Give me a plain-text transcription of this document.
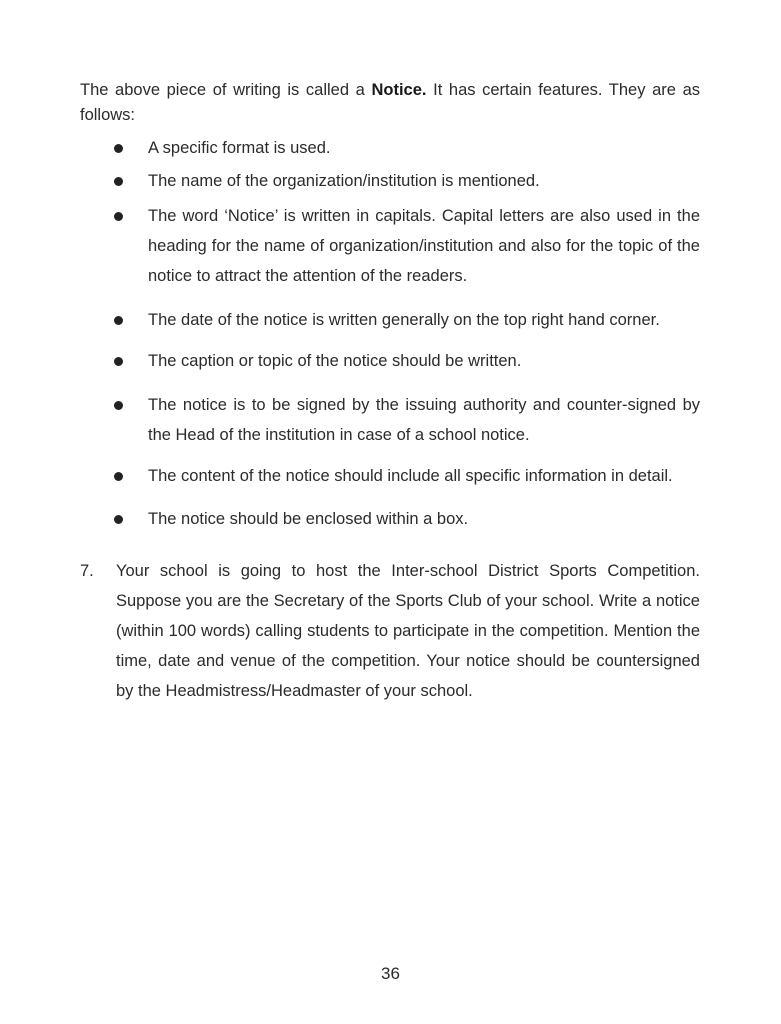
The above piece of writing is called a Notice. It has certain features. They are as follows:

A specific format is used.
The name of the organization/institution is mentioned.
The word ‘Notice’ is written in capitals. Capital letters are also used in the heading for the name of organization/institution and also for the topic of the notice to attract the attention of the readers.
The date of the notice is written generally on the top right hand corner.
The caption or topic of the notice should be written.
The notice is to be signed by the issuing authority and counter-signed by the Head of the institution in case of a school notice.
The content of the notice should include all specific information in detail.
The notice should be enclosed within a box.
7. Your school is going to host the Inter-school District Sports Competition. Suppose you are the Secretary of the Sports Club of your school. Write a notice (within 100 words) calling students to participate in the competition. Mention the time, date and venue of the competition. Your notice should be countersigned by the Headmistress/Headmaster of your school.
36
